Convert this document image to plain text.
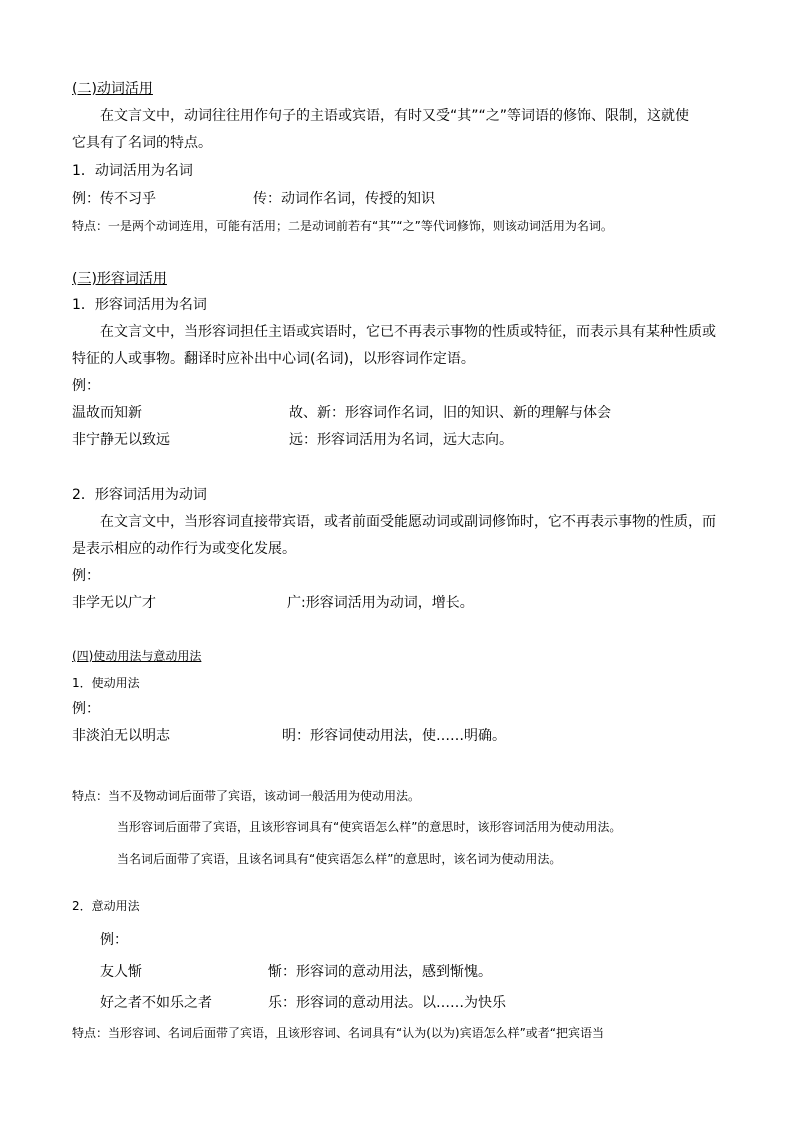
(二)动词活用

在文言文中，动词往往用作句子的主语或宾语，有时又受“其”“之”等词语的修饰、限制，这就使

它具有了名词的特点。

1．动词活用为名词

例：传不习乎	传：动词作名词，传授的知识

特点：一是两个动词连用，可能有活用；二是动词前若有“其”“之”等代词修饰，则该动词活用为名词。

(三)形容词活用

1．形容词活用为名词

在文言文中，当形容词担任主语或宾语时，它已不再表示事物的性质或特征，而表示具有某种性质或

特征的人或事物。翻译时应补出中心词(名词)，以形容词作定语。

例：

温故而知新	故、新：形容词作名词，旧的知识、新的理解与体会

非宁静无以致远	远：形容词活用为名词，远大志向。

2．形容词活用为动词

在文言文中，当形容词直接带宾语，或者前面受能愿动词或副词修饰时，它不再表示事物的性质，而

是表示相应的动作行为或变化发展。

例：

非学无以广才	广:形容词活用为动词，增长。

(四)使动用法与意动用法

1．使动用法

例：

非淡泊无以明志	明：形容词使动用法，使……明确。

特点：当不及物动词后面带了宾语，该动词一般活用为使动用法。

当形容词后面带了宾语，且该形容词具有“使宾语怎么样”的意思时，该形容词活用为使动用法。

当名词后面带了宾语，且该名词具有“使宾语怎么样”的意思时，该名词为使动用法。

2．意动用法

例：

友人惭	惭：形容词的意动用法，感到惭愧。

好之者不如乐之者	乐：形容词的意动用法。以……为快乐

特点：当形容词、名词后面带了宾语，且该形容词、名词具有“认为(以为)宾语怎么样”或者“把宾语当
